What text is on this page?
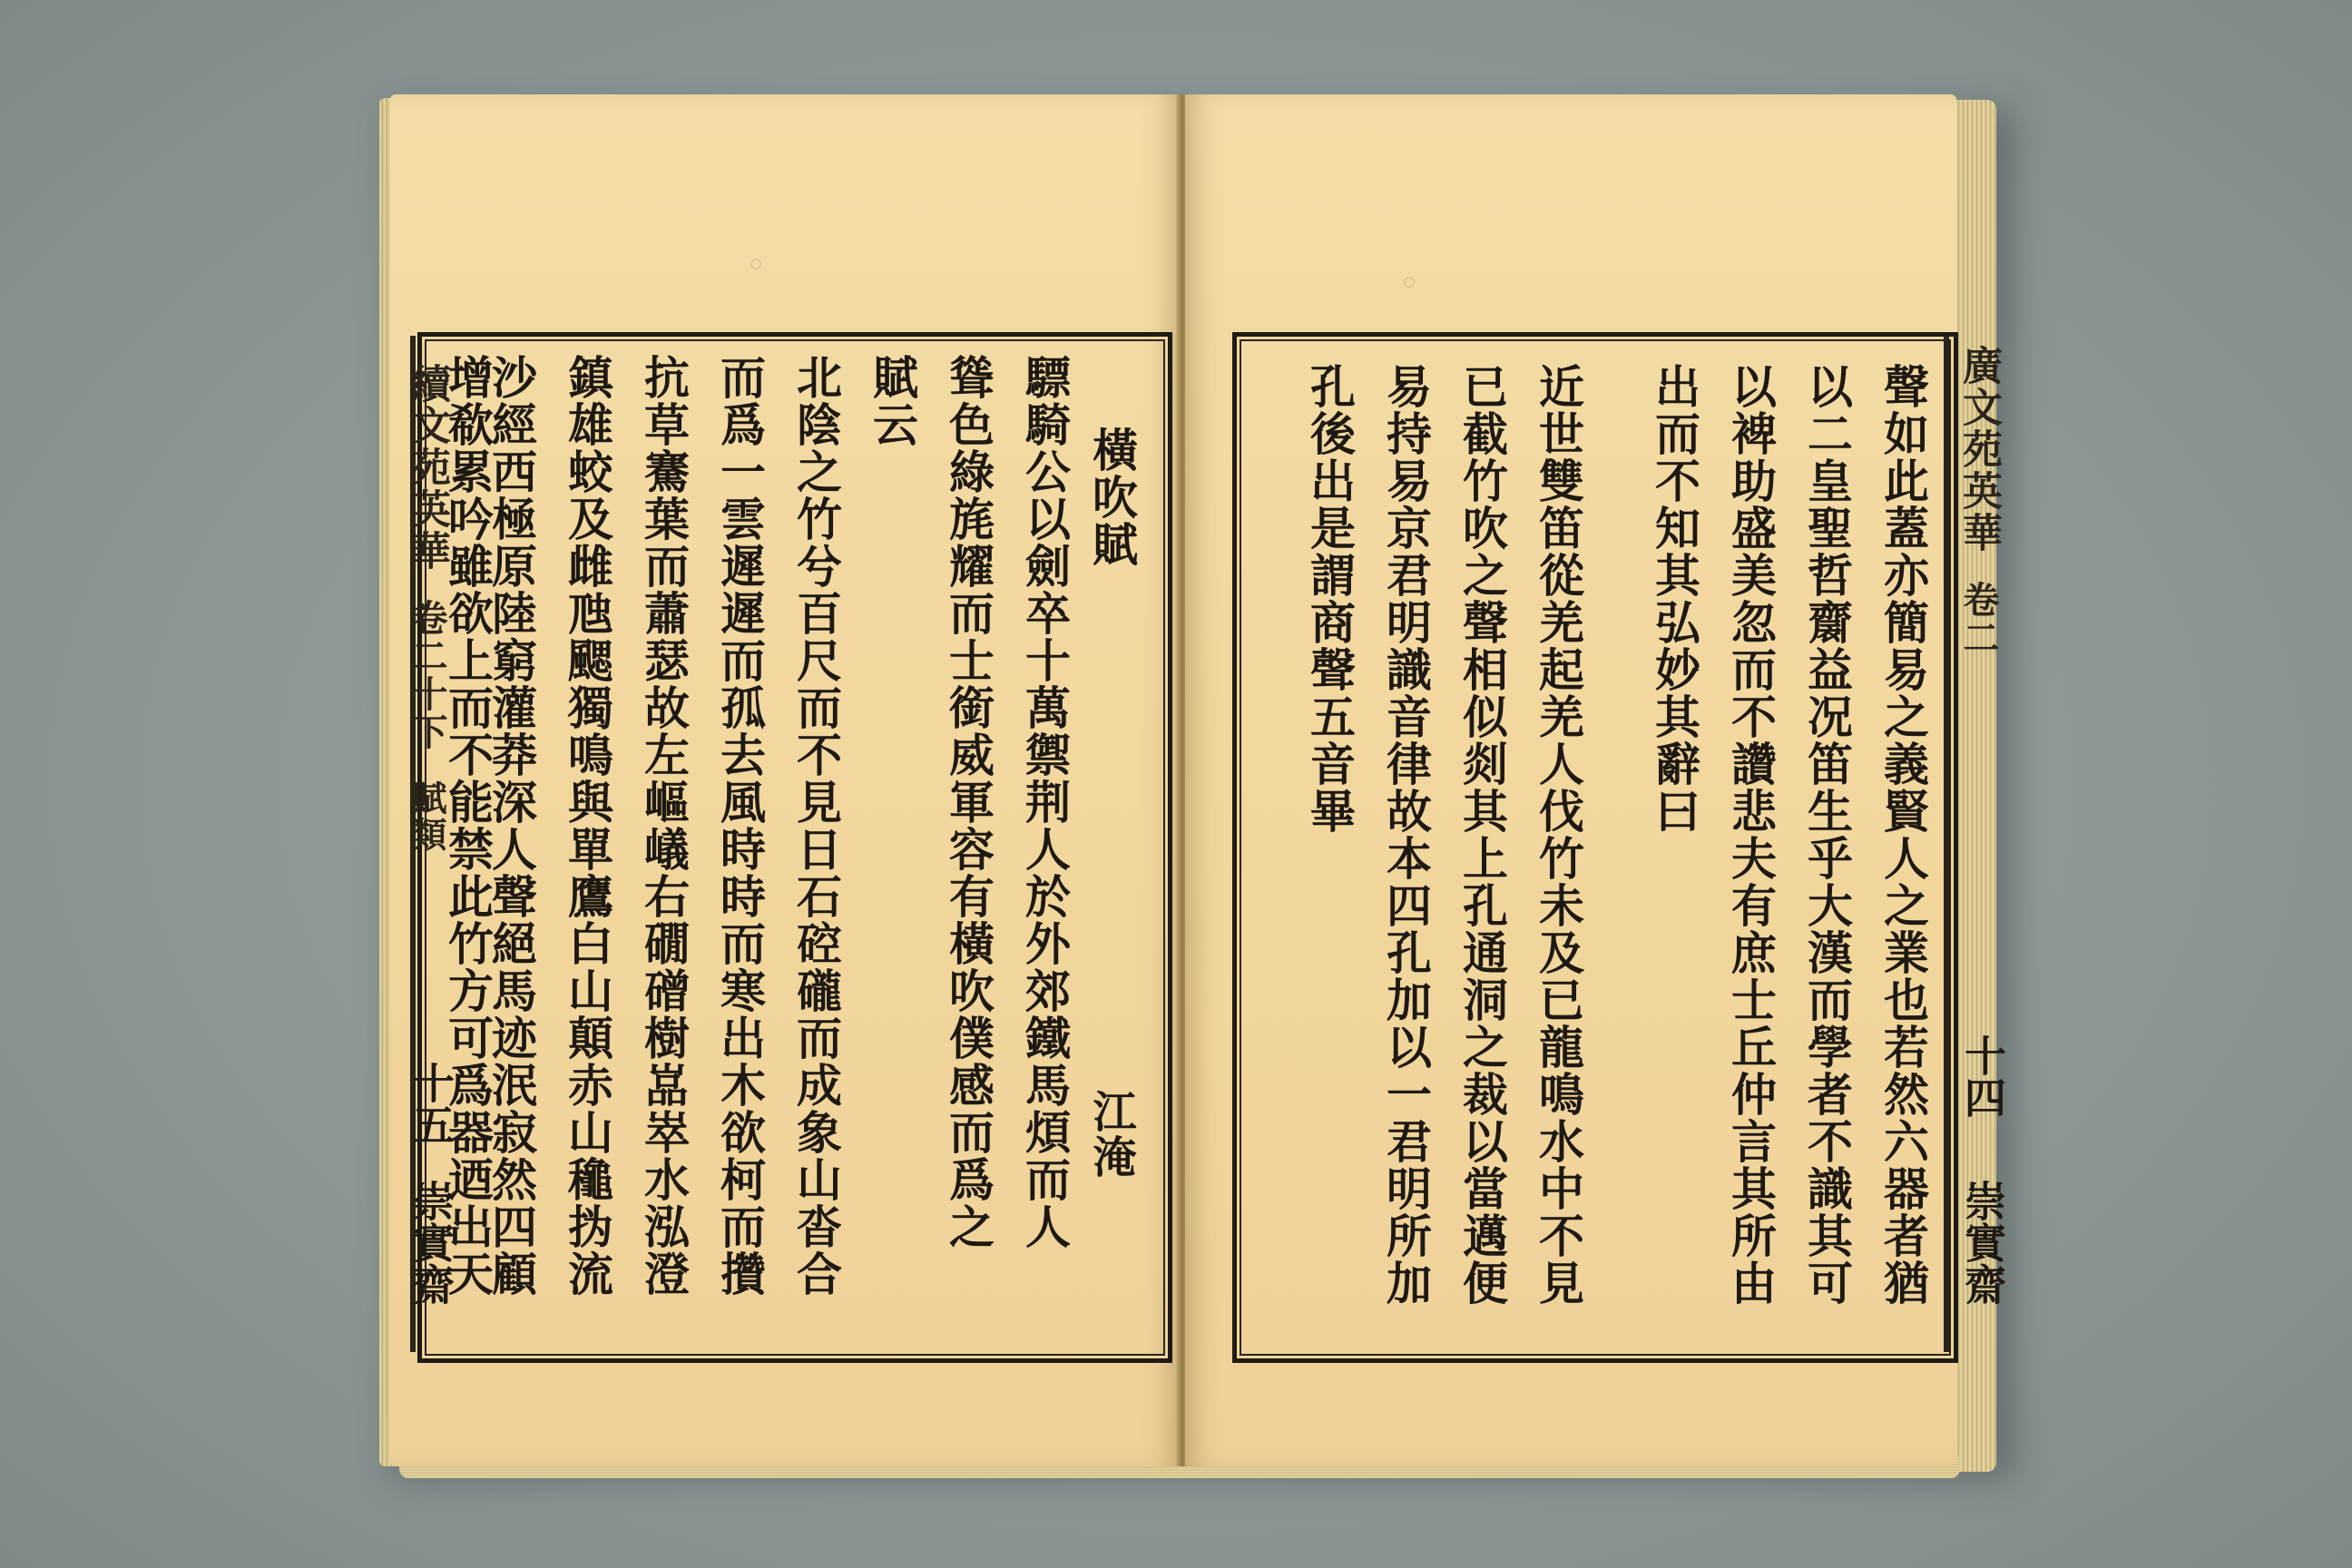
◦	◦
續文苑英華
卷二十下
賦類
十五
崇實齋
橫吹賦
江淹
驃騎公以劍卒十萬禦荆人於外郊鐵馬煩而人
聳色綠旄耀而士銜威軍容有橫吹僕感而爲之
賦云
北陰之竹兮百尺而不見日石硿礲而成象山沓合
而爲一雲遲遲而孤去風時時而寒出木欲柯而攢
抗草騫葉而蕭瑟故左嶇嶬右礀磳樹嵓崒水泓澄
鎮雄蛟及雌虺颸獨鳴與單鷹白山顛赤山䆋㧑流
沙經西極原陸窮灌莽深人聲絕馬迹泯寂然四顧
增欷累吟雖欲上而不能禁此竹方可爲器迺出天	廣文苑英華
卷二
十四
崇實齋
聲如此蓋亦簡易之義賢人之業也若然六器者猶
以二皇聖哲𪗋益况笛生乎大漢而學者不識其可
以裨助盛美忽而不讚悲夫有庶士丘仲言其所由
出而不知其弘妙其辭曰
近世雙笛從羌起羌人伐竹未及已龍鳴水中不見
已截竹吹之聲相似剡其上孔通洞之裁以當邁便
易持易京君明識音律故本四孔加以一君明所加
孔後出是謂商聲五音畢
